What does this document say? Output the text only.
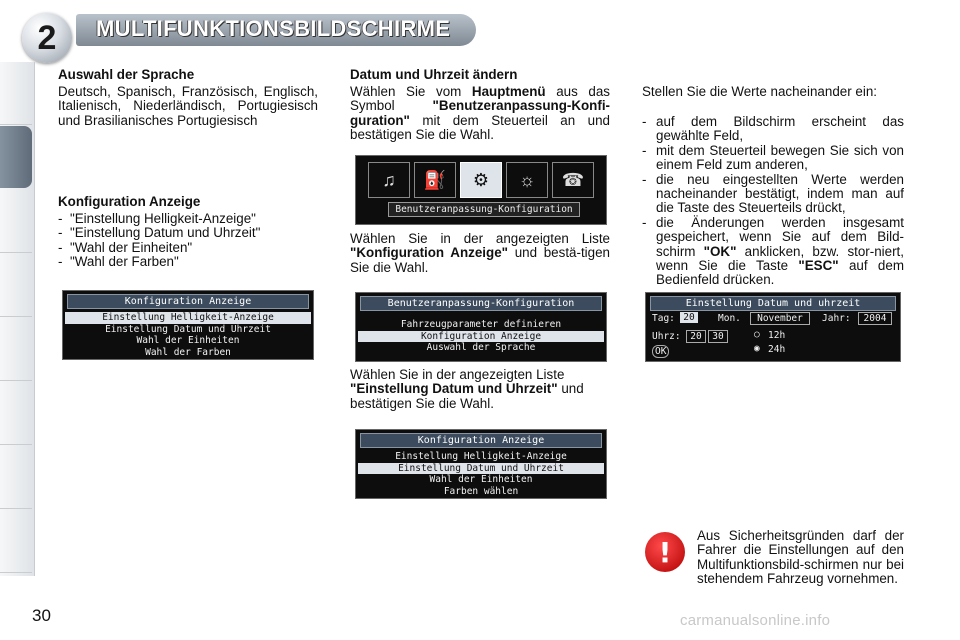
2 MULTIFUNKTIONSBILDSCHIRME
30
Auswahl der Sprache
Deutsch, Spanisch, Französisch, Englisch, Italienisch, Niederländisch, Portugiesisch und Brasilianisches Portugiesisch
Konfiguration Anzeige
- "Einstellung Helligkeit-Anzeige"
- "Einstellung Datum und Uhrzeit"
- "Wahl der Einheiten"
- "Wahl der Farben"
Konfiguration Anzeige
Einstellung Helligkeit-Anzeige
Einstellung Datum und Uhrzeit
Wahl der Einheiten
Wahl der Farben
Datum und Uhrzeit ändern
Wählen Sie vom Hauptmenü aus das Symbol "Benutzeranpassung-Konfi-guration" mit dem Steuerteil an und bestätigen Sie die Wahl.
♫	⛽	⚙	☼	☎
Benutzeranpassung-Konfiguration
Wählen Sie in der angezeigten Liste "Konfiguration Anzeige" und bestä-tigen Sie die Wahl.
Benutzeranpassung-Konfiguration
Fahrzeugparameter definieren
Konfiguration Anzeige
Auswahl der Sprache
Wählen Sie in der angezeigten Liste "Einstellung Datum und Uhrzeit" und bestätigen Sie die Wahl.
Konfiguration Anzeige
Einstellung Helligkeit-Anzeige
Einstellung Datum und Uhrzeit
Wahl der Einheiten
Farben wählen
Stellen Sie die Werte nacheinander ein:
- auf dem Bildschirm erscheint das gewählte Feld,
- mit dem Steuerteil bewegen Sie sich von einem Feld zum anderen,
- die neu eingestellten Werte werden nacheinander bestätigt, indem man auf die Taste des Steuerteils drückt,
- die Änderungen werden insgesamt gespeichert, wenn Sie auf dem Bild-schirm "OK" anklicken, bzw. stor-niert, wenn Sie die Taste "ESC" auf dem Bedienfeld drücken.
Einstellung Datum und uhrzeit
Tag: 20	Mon.	November	Jahr:	2004
Uhrz:	20	30	○ 12h
◉ 24h
OK
!	Aus Sicherheitsgründen darf der Fahrer die Einstellungen auf den Multifunktionsbild-schirmen nur bei stehendem Fahrzeug vornehmen.
carmanualsonline.info
